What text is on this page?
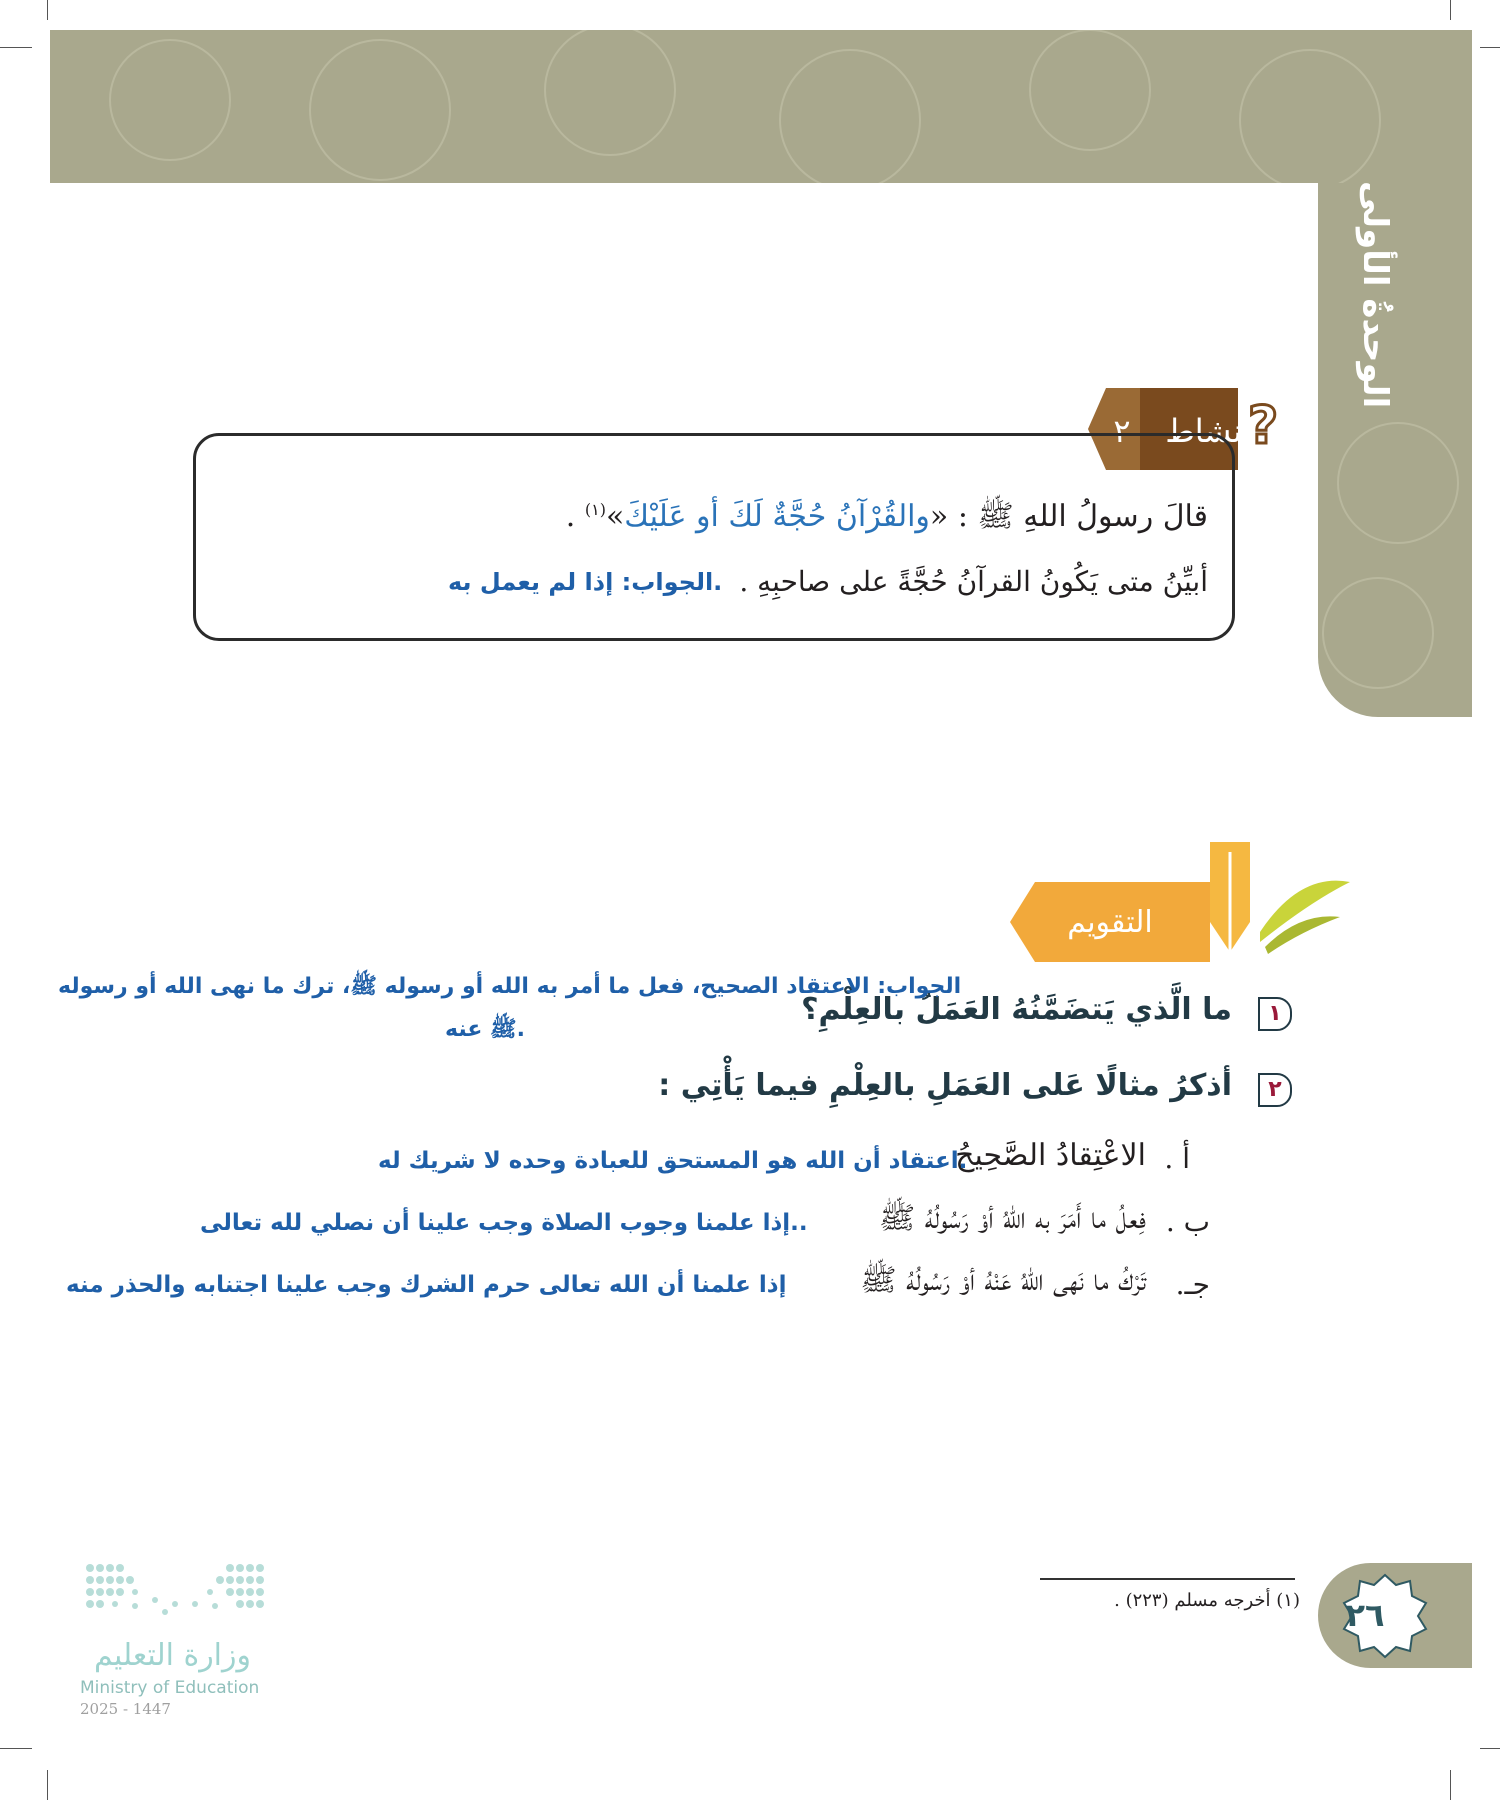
الوحدةُ الأولى
?
نشاط
٢
قالَ رسولُ اللهِ ﷺ : «والقُرْآنُ حُجَّةٌ لَكَ أو عَلَيْكَ»$^{(١)}$ .
أبيِّنُ متى يَكُونُ القرآنُ حُجَّةً على صاحبِهِ .
.الجواب: إذا لم يعمل به
التقويم
١
ما الَّذي يَتضَمَّنُهُ العَمَلُ بالعِلْمِ؟
الجواب: الاعتقاد الصحيح، فعل ما أمر به الله أو رسوله ﷺ، ترك ما نهى الله أو رسوله
.ﷺ عنه
٢
أذكرُ مثالًا عَلى العَمَلِ بالعِلْمِ فيما يَأْتِي :
أ .
الاعْتِقادُ الصَّحِيحُ
.اعتقاد أن الله هو المستحق للعبادة وحده لا شريك له
ب .
فِعلُ ما أَمَرَ به اللهُ أوْ رَسُولُهُ ﷺ
..إذا علمنا وجوب الصلاة وجب علينا أن نصلي لله تعالى
جـ.
تَرْكُ ما نَهى اللهُ عَنْهُ أوْ رَسُولُهُ ﷺ
إذا علمنا أن الله تعالى حرم الشرك وجب علينا اجتنابه والحذر منه
(١) أخرجه مسلم (٢٢٣) .	٢٦
وزارة التعليم
Ministry of Education
2025 - 1447
